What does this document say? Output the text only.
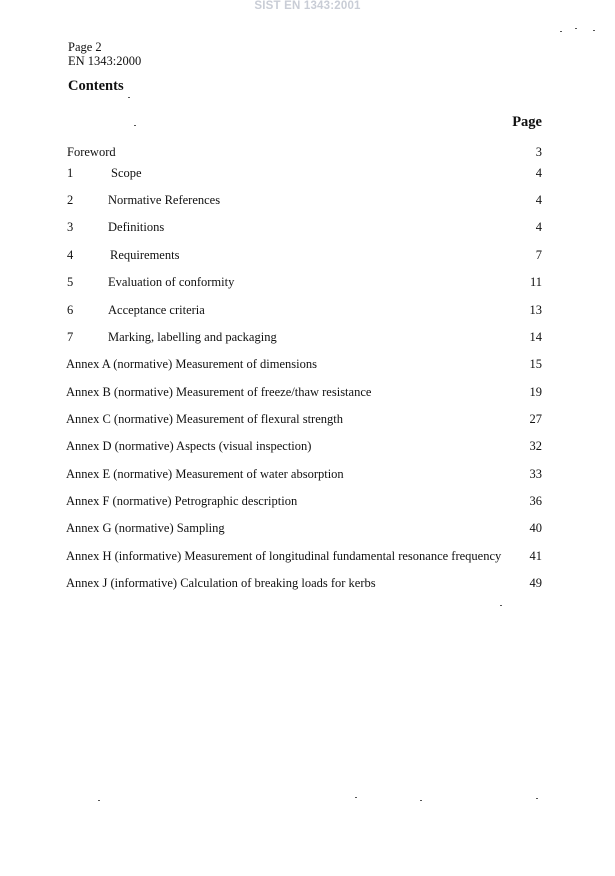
SIST EN 1343:2001
Page 2
EN 1343:2000
Contents
Page
Foreword	3
1	Scope	4
2	Normative References	4
3	Definitions	4
4	Requirements	7
5	Evaluation of conformity	11
6	Acceptance criteria	13
7	Marking, labelling and packaging	14
Annex A (normative) Measurement of dimensions	15
Annex B (normative) Measurement of freeze/thaw resistance	19
Annex C (normative) Measurement of flexural strength	27
Annex D (normative) Aspects (visual inspection)	32
Annex E (normative) Measurement of water absorption	33
Annex F (normative) Petrographic description	36
Annex G (normative) Sampling	40
Annex H (informative) Measurement of longitudinal fundamental resonance frequency 41
Annex J (informative) Calculation of breaking loads for kerbs	49
